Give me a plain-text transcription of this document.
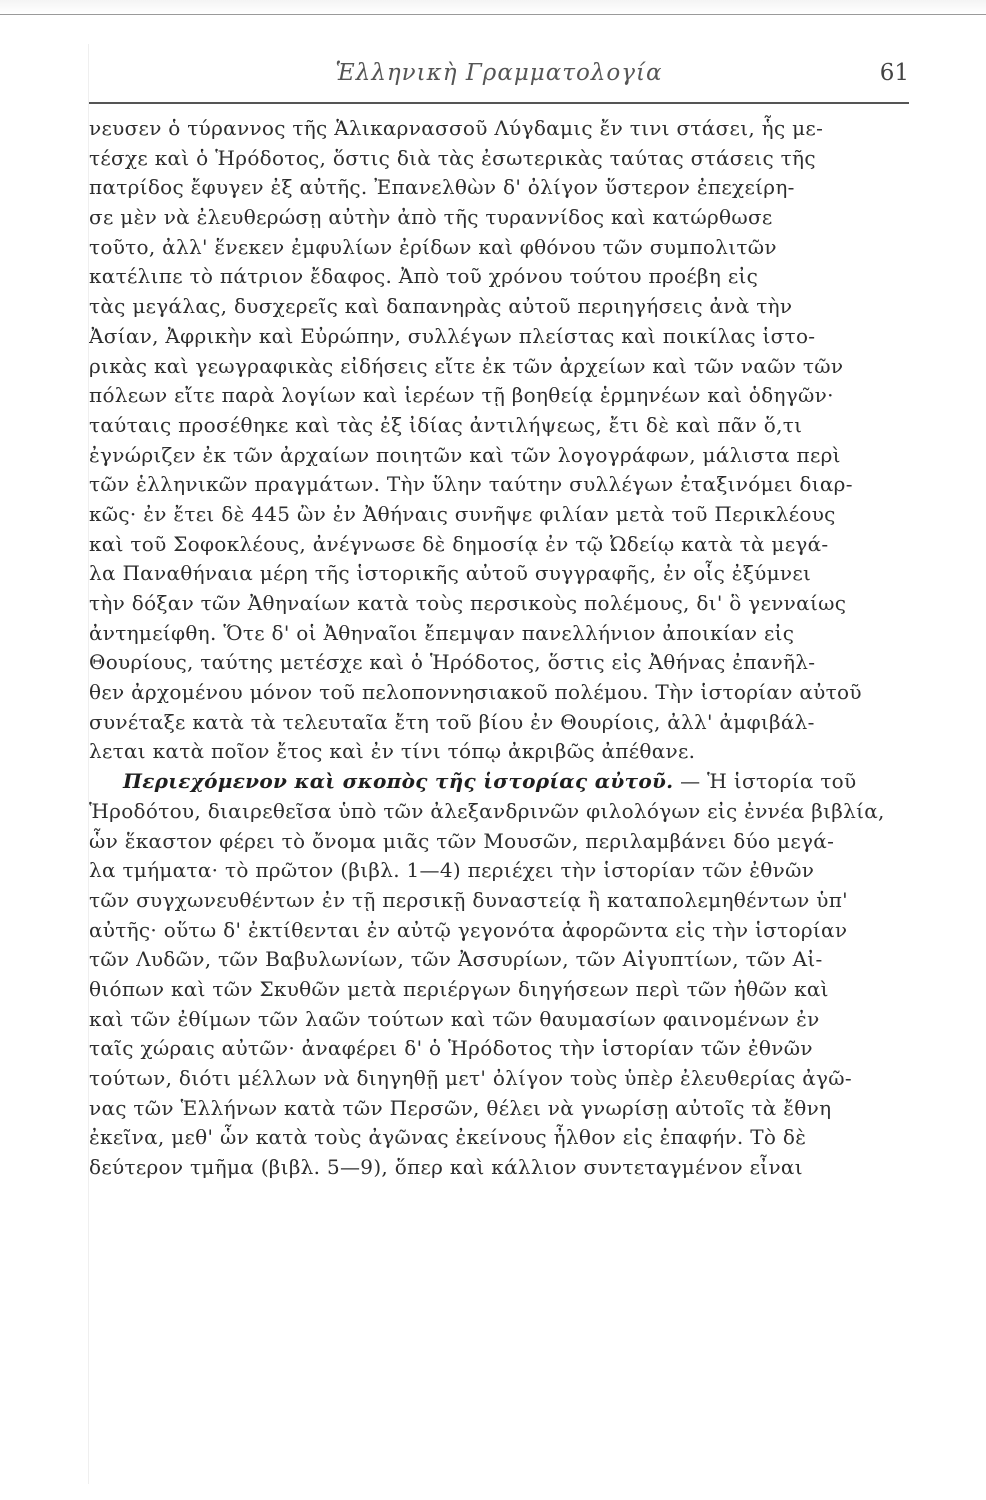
Ἑλληνικὴ Γραμματολογία	61
νευσεν ὁ τύραννος τῆς Ἁλικαρνασσοῦ Λύγδαμις ἔν τινι στάσει, ἧς με-
τέσχε καὶ ὁ Ἡρόδοτος, ὅστις διὰ τὰς ἐσωτερικὰς ταύτας στάσεις τῆς
πατρίδος ἔφυγεν ἐξ αὐτῆς. Ἐπανελθὼν δ' ὀλίγον ὕστερον ἐπεχείρη-
σε μὲν νὰ ἐλευθερώσῃ αὐτὴν ἀπὸ τῆς τυραννίδος καὶ κατώρθωσε
τοῦτο, ἀλλ' ἕνεκεν ἐμφυλίων ἐρίδων καὶ φθόνου τῶν συμπολιτῶν
κατέλιπε τὸ πάτριον ἔδαφος. Ἀπὸ τοῦ χρόνου τούτου προέβη εἰς
τὰς μεγάλας, δυσχερεῖς καὶ δαπανηρὰς αὐτοῦ περιηγήσεις ἀνὰ τὴν
Ἀσίαν, Ἀφρικὴν καὶ Εὐρώπην, συλλέγων πλείστας καὶ ποικίλας ἱστο-
ρικὰς καὶ γεωγραφικὰς εἰδήσεις εἴτε ἐκ τῶν ἀρχείων καὶ τῶν ναῶν τῶν
πόλεων εἴτε παρὰ λογίων καὶ ἱερέων τῇ βοηθείᾳ ἑρμηνέων καὶ ὁδηγῶν·
ταύταις προσέθηκε καὶ τὰς ἐξ ἰδίας ἀντιλήψεως, ἔτι δὲ καὶ πᾶν ὅ,τι
ἐγνώριζεν ἐκ τῶν ἀρχαίων ποιητῶν καὶ τῶν λογογράφων, μάλιστα περὶ
τῶν ἑλληνικῶν πραγμάτων. Τὴν ὕλην ταύτην συλλέγων ἐταξινόμει διαρ-
κῶς· ἐν ἔτει δὲ 445 ὢν ἐν Ἀθήναις συνῆψε φιλίαν μετὰ τοῦ Περικλέους
καὶ τοῦ Σοφοκλέους, ἀνέγνωσε δὲ δημοσίᾳ ἐν τῷ Ὠδείῳ κατὰ τὰ μεγά-
λα Παναθήναια μέρη τῆς ἱστορικῆς αὐτοῦ συγγραφῆς, ἐν οἷς ἐξύμνει
τὴν δόξαν τῶν Ἀθηναίων κατὰ τοὺς περσικοὺς πολέμους, δι' ὃ γενναίως
ἀντημείφθη. Ὅτε δ' οἱ Ἀθηναῖοι ἔπεμψαν πανελλήνιον ἀποικίαν εἰς
Θουρίους, ταύτης μετέσχε καὶ ὁ Ἡρόδοτος, ὅστις εἰς Ἀθήνας ἐπανῆλ-
θεν ἀρχομένου μόνον τοῦ πελοποννησιακοῦ πολέμου. Τὴν ἱστορίαν αὐτοῦ
συνέταξε κατὰ τὰ τελευταῖα ἔτη τοῦ βίου ἐν Θουρίοις, ἀλλ' ἀμφιβάλ-
λεται κατὰ ποῖον ἔτος καὶ ἐν τίνι τόπῳ ἀκριβῶς ἀπέθανε.
Περιεχόμενον καὶ σκοπὸς τῆς ἱστορίας αὐτοῦ. — Ἡ ἱστορία τοῦ
Ἡροδότου, διαιρεθεῖσα ὑπὸ τῶν ἀλεξανδρινῶν φιλολόγων εἰς ἐννέα βιβλία,
ὧν ἕκαστον φέρει τὸ ὄνομα μιᾶς τῶν Μουσῶν, περιλαμβάνει δύο μεγά-
λα τμήματα· τὸ πρῶτον (βιβλ. 1—4) περιέχει τὴν ἱστορίαν τῶν ἐθνῶν
τῶν συγχωνευθέντων ἐν τῇ περσικῇ δυναστείᾳ ἢ καταπολεμηθέντων ὑπ'
αὐτῆς· οὕτω δ' ἐκτίθενται ἐν αὐτῷ γεγονότα ἀφορῶντα εἰς τὴν ἱστορίαν
τῶν Λυδῶν, τῶν Βαβυλωνίων, τῶν Ἀσσυρίων, τῶν Αἰγυπτίων, τῶν Αἰ-
θιόπων καὶ τῶν Σκυθῶν μετὰ περιέργων διηγήσεων περὶ τῶν ἠθῶν καὶ
καὶ τῶν ἐθίμων τῶν λαῶν τούτων καὶ τῶν θαυμασίων φαινομένων ἐν
ταῖς χώραις αὐτῶν· ἀναφέρει δ' ὁ Ἡρόδοτος τὴν ἱστορίαν τῶν ἐθνῶν
τούτων, διότι μέλλων νὰ διηγηθῇ μετ' ὀλίγον τοὺς ὑπὲρ ἐλευθερίας ἀγῶ-
νας τῶν Ἑλλήνων κατὰ τῶν Περσῶν, θέλει νὰ γνωρίσῃ αὐτοῖς τὰ ἔθνη
ἐκεῖνα, μεθ' ὧν κατὰ τοὺς ἀγῶνας ἐκείνους ἦλθον εἰς ἐπαφήν. Τὸ δὲ
δεύτερον τμῆμα (βιβλ. 5—9), ὅπερ καὶ κάλλιον συντεταγμένον εἶναι
